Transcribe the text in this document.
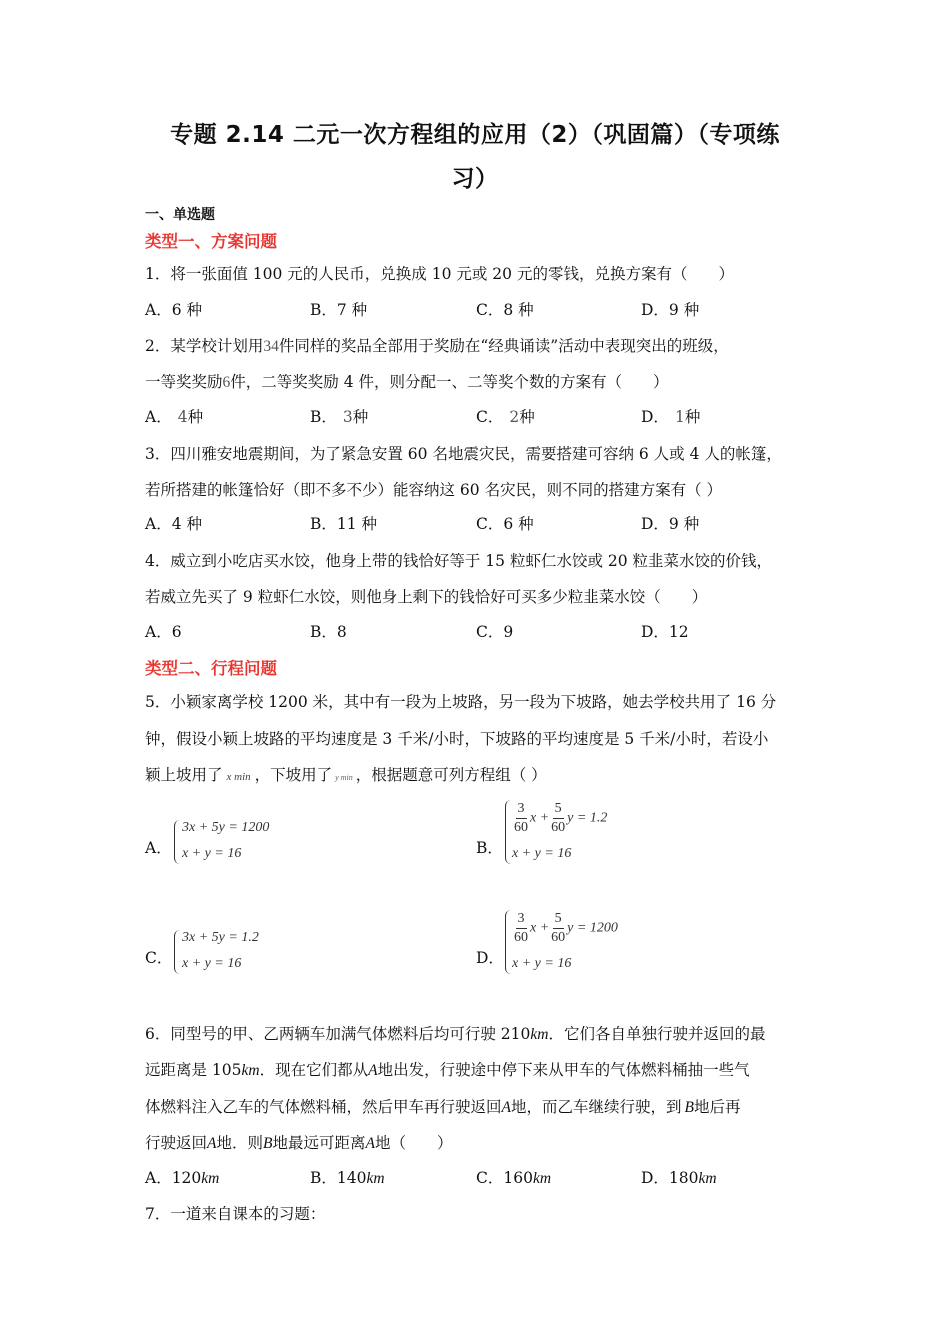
专题 2.14 二元一次方程组的应用（2）（巩固篇）（专项练
习）
一、单选题
类型一、方案问题
1．将一张面值 100 元的人民币，兑换成 10 元或 20 元的零钱，兑换方案有（　　）
A．6 种	B．7 种	C．8 种	D．9 种
2．某学校计划用34件同样的奖品全部用于奖励在“经典诵读”活动中表现突出的班级，
一等奖奖励6件，二等奖奖励 4 件，则分配一、二等奖个数的方案有（　　）
A． 4种	B． 3种	C． 2种	D． 1种
3．四川雅安地震期间，为了紧急安置 60 名地震灾民，需要搭建可容纳 6 人或 4 人的帐篷，
若所搭建的帐篷恰好（即不多不少）能容纳这 60 名灾民，则不同的搭建方案有（ ）
A．4 种	B．11 种	C．6 种	D．9 种
4．威立到小吃店买水饺，他身上带的钱恰好等于 15 粒虾仁水饺或 20 粒韭菜水饺的价钱，
若威立先买了 9 粒虾仁水饺，则他身上剩下的钱恰好可买多少粒韭菜水饺（　　）
A．6	B．8	C．9	D．12
类型二、行程问题
5．小颖家离学校 1200 米，其中有一段为上坡路，另一段为下坡路，她去学校共用了 16 分
钟，假设小颖上坡路的平均速度是 3 千米/小时，下坡路的平均速度是 5 千米/小时，若设小
颖上坡用了 x min ，下坡用了 y min ，根据题意可列方程组（ ）
A．
3x + 5y = 1200
x + y = 16	B．
$\frac{3}{60}$ $x + \frac{5}{60}$ y = 1.2
x + y = 16
C．
3x + 5y = 1.2
x + y = 16	D．
$\frac{3}{60}$ $x + \frac{5}{60}$ y = 1200
x + y = 16
6．同型号的甲、乙两辆车加满气体燃料后均可行驶 210km．它们各自单独行驶并返回的最
远距离是 105km．现在它们都从A地出发，行驶途中停下来从甲车的气体燃料桶抽一些气
体燃料注入乙车的气体燃料桶，然后甲车再行驶返回A地，而乙车继续行驶，到 B地后再
行驶返回A地．则B地最远可距离A地（　　）
A．120km	B．140km	C．160km	D．180km
7．一道来自课本的习题：
